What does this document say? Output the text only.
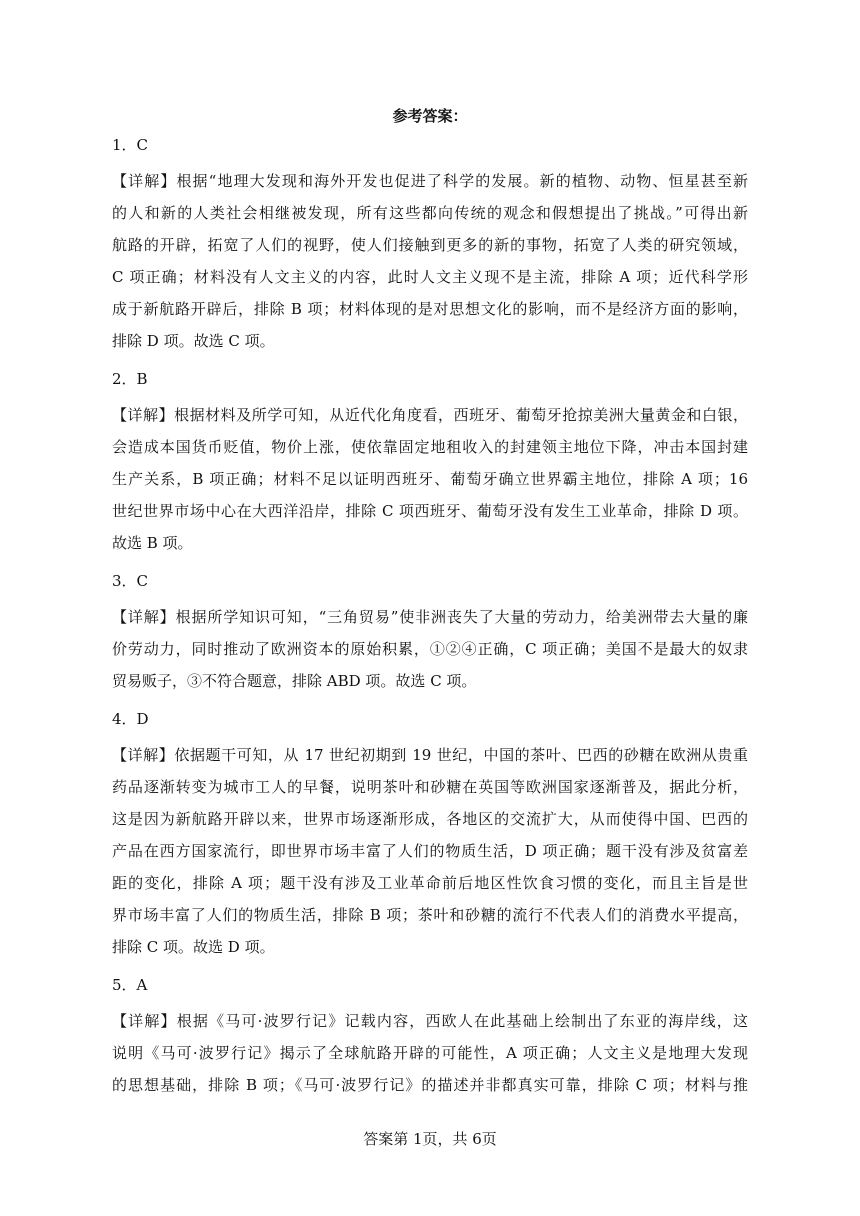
参考答案：
1．C
【详解】根据“地理大发现和海外开发也促进了科学的发展。新的植物、动物、恒星甚至新
的人和新的人类社会相继被发现，所有这些都向传统的观念和假想提出了挑战。”可得出新
航路的开辟，拓宽了人们的视野，使人们接触到更多的新的事物，拓宽了人类的研究领域，
C 项正确；材料没有人文主义的内容，此时人文主义现不是主流，排除 A 项；近代科学形
成于新航路开辟后，排除 B 项；材料体现的是对思想文化的影响，而不是经济方面的影响，
排除 D 项。故选 C 项。
2．B
【详解】根据材料及所学可知，从近代化角度看，西班牙、葡萄牙抢掠美洲大量黄金和白银，
会造成本国货币贬值，物价上涨，使依靠固定地租收入的封建领主地位下降，冲击本国封建
生产关系，B 项正确；材料不足以证明西班牙、葡萄牙确立世界霸主地位，排除 A 项；16
世纪世界市场中心在大西洋沿岸，排除 C 项西班牙、葡萄牙没有发生工业革命，排除 D 项。
故选 B 项。
3．C
【详解】根据所学知识可知，“三角贸易”使非洲丧失了大量的劳动力，给美洲带去大量的廉
价劳动力，同时推动了欧洲资本的原始积累，①②④正确，C 项正确；美国不是最大的奴隶
贸易贩子，③不符合题意，排除 ABD 项。故选 C 项。
4．D
【详解】依据题干可知，从 17 世纪初期到 19 世纪，中国的茶叶、巴西的砂糖在欧洲从贵重
药品逐渐转变为城市工人的早餐，说明茶叶和砂糖在英国等欧洲国家逐渐普及，据此分析，
这是因为新航路开辟以来，世界市场逐渐形成，各地区的交流扩大，从而使得中国、巴西的
产品在西方国家流行，即世界市场丰富了人们的物质生活，D 项正确；题干没有涉及贫富差
距的变化，排除 A 项；题干没有涉及工业革命前后地区性饮食习惯的变化，而且主旨是世
界市场丰富了人们的物质生活，排除 B 项；茶叶和砂糖的流行不代表人们的消费水平提高，
排除 C 项。故选 D 项。
5．A
【详解】根据《马可·波罗行记》记载内容，西欧人在此基础上绘制出了东亚的海岸线，这
说明《马可·波罗行记》揭示了全球航路开辟的可能性，A 项正确；人文主义是地理大发现
的思想基础，排除 B 项；《马可·波罗行记》的描述并非都真实可靠，排除 C 项；材料与推
答案第 1页，共 6页
